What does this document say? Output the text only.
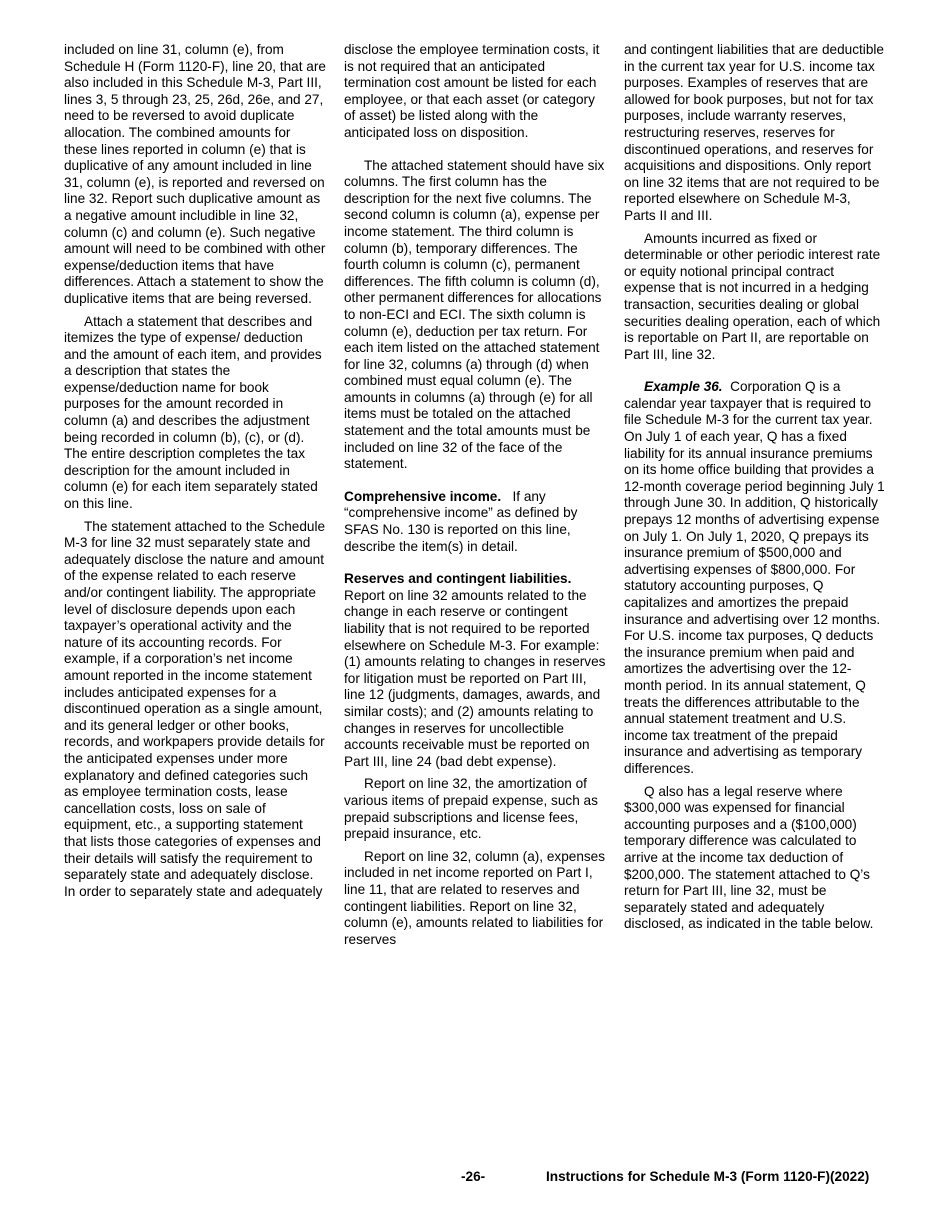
included on line 31, column (e), from Schedule H (Form 1120-F), line 20, that are also included in this Schedule M-3, Part III, lines 3, 5 through 23, 25, 26d, 26e, and 27, need to be reversed to avoid duplicate allocation. The combined amounts for these lines reported in column (e) that is duplicative of any amount included in line 31, column (e), is reported and reversed on line 32. Report such duplicative amount as a negative amount includible in line 32, column (c) and column (e). Such negative amount will need to be combined with other expense/deduction items that have differences. Attach a statement to show the duplicative items that are being reversed.

Attach a statement that describes and itemizes the type of expense/ deduction and the amount of each item, and provides a description that states the expense/deduction name for book purposes for the amount recorded in column (a) and describes the adjustment being recorded in column (b), (c), or (d). The entire description completes the tax description for the amount included in column (e) for each item separately stated on this line.

The statement attached to the Schedule M-3 for line 32 must separately state and adequately disclose the nature and amount of the expense related to each reserve and/or contingent liability. The appropriate level of disclosure depends upon each taxpayer’s operational activity and the nature of its accounting records. For example, if a corporation’s net income amount reported in the income statement includes anticipated expenses for a discontinued operation as a single amount, and its general ledger or other books, records, and workpapers provide details for the anticipated expenses under more explanatory and defined categories such as employee termination costs, lease cancellation costs, loss on sale of equipment, etc., a supporting statement that lists those categories of expenses and their details will satisfy the requirement to separately state and adequately disclose. In order to separately state and adequately

disclose the employee termination costs, it is not required that an anticipated termination cost amount be listed for each employee, or that each asset (or category of asset) be listed along with the anticipated loss on disposition.

The attached statement should have six columns. The first column has the description for the next five columns. The second column is column (a), expense per income statement. The third column is column (b), temporary differences. The fourth column is column (c), permanent differences. The fifth column is column (d), other permanent differences for allocations to non-ECI and ECI. The sixth column is column (e), deduction per tax return. For each item listed on the attached statement for line 32, columns (a) through (d) when combined must equal column (e). The amounts in columns (a) through (e) for all items must be totaled on the attached statement and the total amounts must be included on line 32 of the face of the statement.

Comprehensive income. If any “comprehensive income” as defined by SFAS No. 130 is reported on this line, describe the item(s) in detail.

Reserves and contingent liabilities. Report on line 32 amounts related to the change in each reserve or contingent liability that is not required to be reported elsewhere on Schedule M-3. For example: (1) amounts relating to changes in reserves for litigation must be reported on Part III, line 12 (judgments, damages, awards, and similar costs); and (2) amounts relating to changes in reserves for uncollectible accounts receivable must be reported on Part III, line 24 (bad debt expense).

Report on line 32, the amortization of various items of prepaid expense, such as prepaid subscriptions and license fees, prepaid insurance, etc.

Report on line 32, column (a), expenses included in net income reported on Part I, line 11, that are related to reserves and contingent liabilities. Report on line 32, column (e), amounts related to liabilities for reserves

and contingent liabilities that are deductible in the current tax year for U.S. income tax purposes. Examples of reserves that are allowed for book purposes, but not for tax purposes, include warranty reserves, restructuring reserves, reserves for discontinued operations, and reserves for acquisitions and dispositions. Only report on line 32 items that are not required to be reported elsewhere on Schedule M-3, Parts II and III.

Amounts incurred as fixed or determinable or other periodic interest rate or equity notional principal contract expense that is not incurred in a hedging transaction, securities dealing or global securities dealing operation, each of which is reportable on Part II, are reportable on Part III, line 32.

Example 36. Corporation Q is a calendar year taxpayer that is required to file Schedule M-3 for the current tax year. On July 1 of each year, Q has a fixed liability for its annual insurance premiums on its home office building that provides a 12-month coverage period beginning July 1 through June 30. In addition, Q historically prepays 12 months of advertising expense on July 1. On July 1, 2020, Q prepays its insurance premium of $500,000 and advertising expenses of $800,000. For statutory accounting purposes, Q capitalizes and amortizes the prepaid insurance and advertising over 12 months. For U.S. income tax purposes, Q deducts the insurance premium when paid and amortizes the advertising over the 12-month period. In its annual statement, Q treats the differences attributable to the annual statement treatment and U.S. income tax treatment of the prepaid insurance and advertising as temporary differences.

Q also has a legal reserve where $300,000 was expensed for financial accounting purposes and a ($100,000) temporary difference was calculated to arrive at the income tax deduction of $200,000. The statement attached to Q’s return for Part III, line 32, must be separately stated and adequately disclosed, as indicated in the table below.

-26-	Instructions for Schedule M-3 (Form 1120-F)(2022)
